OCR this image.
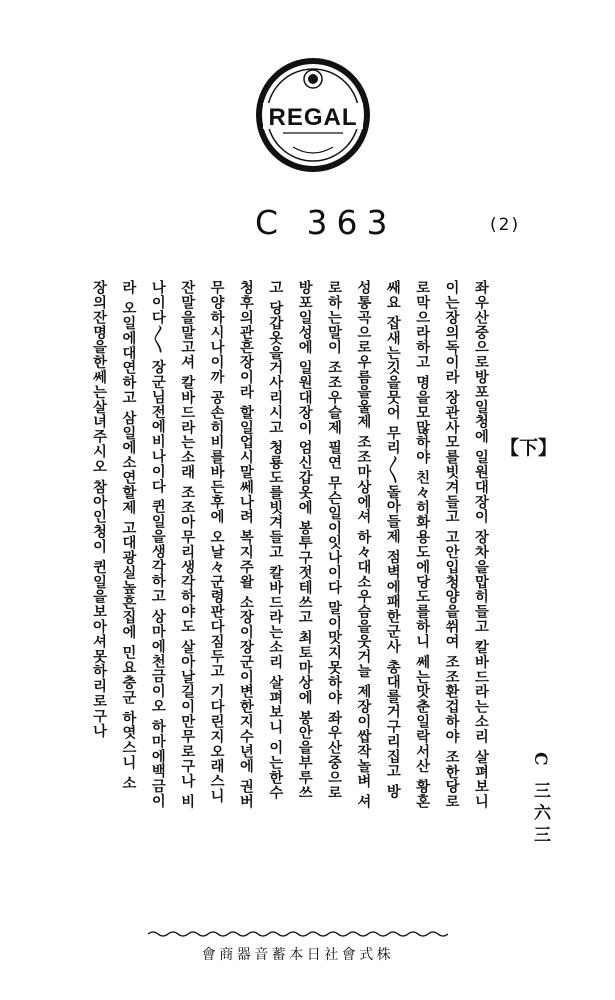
REGAL
C 363	(2)
【下】
좌우산중으로방포일청에 일원대장이 장차을맙히들고 칼바드라는소리 살펴보니
이는장의독이라 장관사모를빗겨들고 고안입청양을쒸여 조조환겁하야 조한당로
로막으라하고 명을모많하야 친々히화용도에당도를하니 쎄는맛춘일락서산 황혼
쌔요 잡새는깃을뭇어 무리〳〵돌아들제 점벽에패한군사 총대를거구리집고 방
성통곡으로우름을울제 조조마상에셔 하々대소우슴을웃거늘 제장이쌉작놀벼 셔
로하는말이 조조우슬제 필연 무슨일이잇나이다 말이맛지못하야 좌우산중으로
방포일성에 일원대장이 엄신갑옷에 봉투구젓테쓰고 최토마상에 봉안을부루쓰
고 당갑옷을거사리시고 청룡도를빗겨들고 칼바드라는소리 살펴보니 이는한수
청후의관흔장이라 할일업시말쎄나려 복지주왈 소장이장군이변한지수년에 권버
무양하시나이까 공손히비를바든후에 오날々군령판다짐두고 기다린지오래스니
잔말을말고셔 칼바드라는소래 조조아무리생각하야도 살아날길이만무로구나 비
나이다〳〵 장군님전에비나이다 퀸일을생각하고 상마에천금이오 하마에백금이
라 오일에대연하고 삼일에소연할제 고대광실높흔집에 민요충군 하엿스니 소
장의잔명을한쎄는살녀주시오 참아인청이 퀸일을보아셔못하리로구나
C 三六三
會商器音蓄本日社會式株
